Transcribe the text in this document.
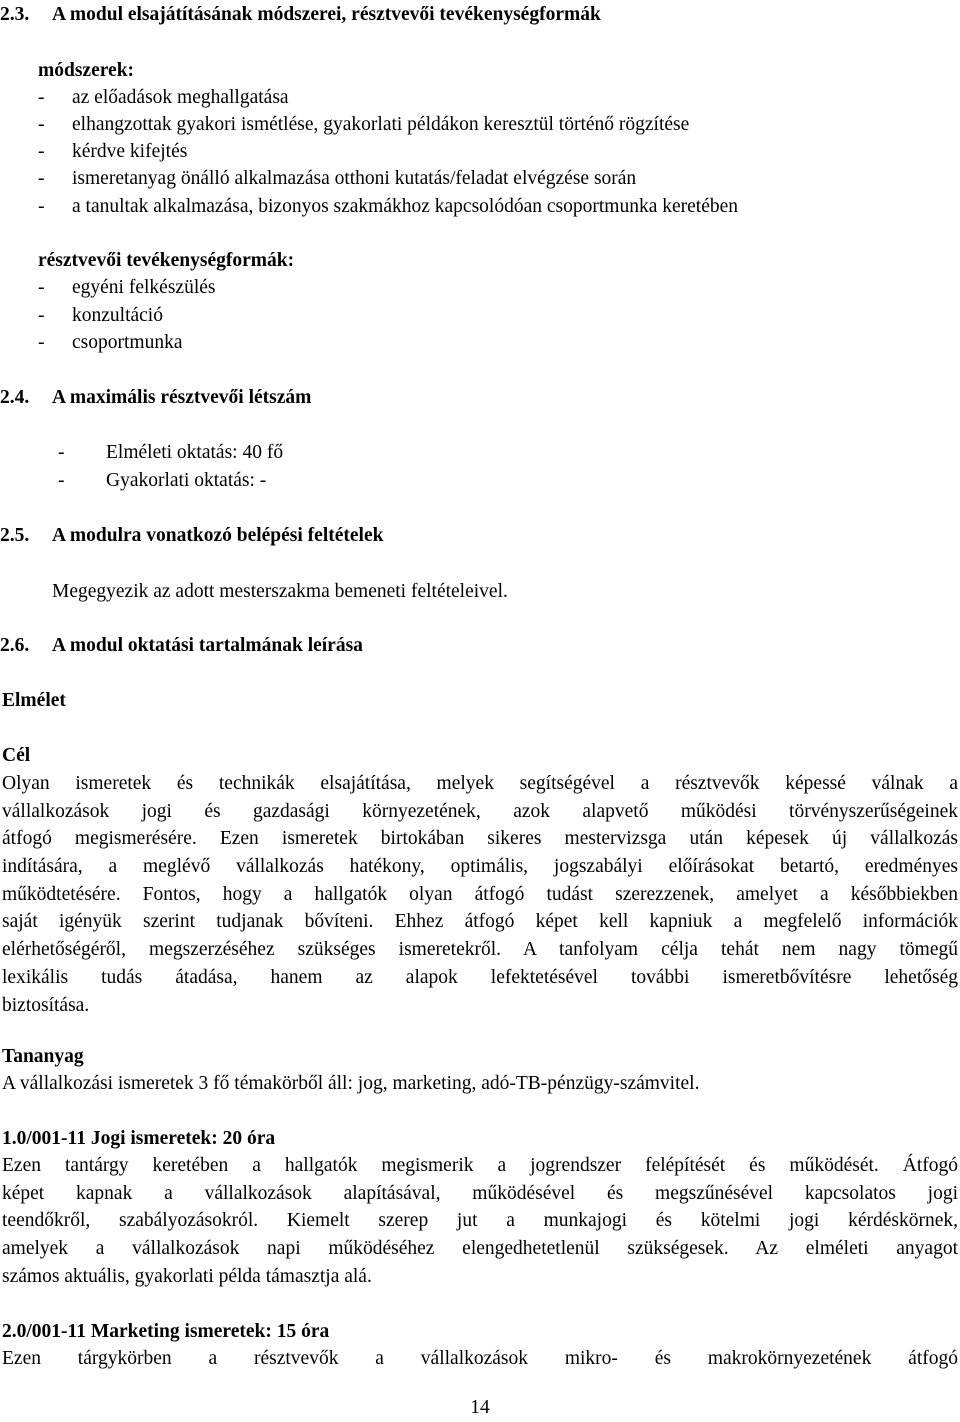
2.3. A modul elsajátításának módszerei, résztvevői tevékenységformák
módszerek:
- az előadások meghallgatása
- elhangzottak gyakori ismétlése, gyakorlati példákon keresztül történő rögzítése
- kérdve kifejtés
- ismeretanyag önálló alkalmazása otthoni kutatás/feladat elvégzése során
- a tanultak alkalmazása, bizonyos szakmákhoz kapcsolódóan csoportmunka keretében
résztvevői tevékenységformák:
- egyéni felkészülés
- konzultáció
- csoportmunka
2.4. A maximális résztvevői létszám
- Elméleti oktatás: 40 fő
- Gyakorlati oktatás: -
2.5. A modulra vonatkozó belépési feltételek
Megegyezik az adott mesterszakma bemeneti feltételeivel.
2.6. A modul oktatási tartalmának leírása
Elmélet
Cél
Olyan ismeretek és technikák elsajátítása, melyek segítségével a résztvevők képessé válnak a
vállalkozások jogi és gazdasági környezetének, azok alapvető működési törvényszerűségeinek
átfogó megismerésére. Ezen ismeretek birtokában sikeres mestervizsga után képesek új vállalkozás
indítására, a meglévő vállalkozás hatékony, optimális, jogszabályi előírásokat betartó, eredményes
működtetésére. Fontos, hogy a hallgatók olyan átfogó tudást szerezzenek, amelyet a későbbiekben
saját igényük szerint tudjanak bővíteni. Ehhez átfogó képet kell kapniuk a megfelelő információk
elérhetőségéről, megszerzéséhez szükséges ismeretekről. A tanfolyam célja tehát nem nagy tömegű
lexikális tudás átadása, hanem az alapok lefektetésével további ismeretbővítésre lehetőség
biztosítása.
Tananyag
A vállalkozási ismeretek 3 fő témakörből áll: jog, marketing, adó-TB-pénzügy-számvitel.
1.0/001-11 Jogi ismeretek: 20 óra
Ezen tantárgy keretében a hallgatók megismerik a jogrendszer felépítését és működését. Átfogó
képet kapnak a vállalkozások alapításával, működésével és megszűnésével kapcsolatos jogi
teendőkről, szabályozásokról. Kiemelt szerep jut a munkajogi és kötelmi jogi kérdéskörnek,
amelyek a vállalkozások napi működéséhez elengedhetetlenül szükségesek. Az elméleti anyagot
számos aktuális, gyakorlati példa támasztja alá.
2.0/001-11 Marketing ismeretek: 15 óra
Ezen tárgykörben a résztvevők a vállalkozások mikro- és makrokörnyezetének átfogó
14
